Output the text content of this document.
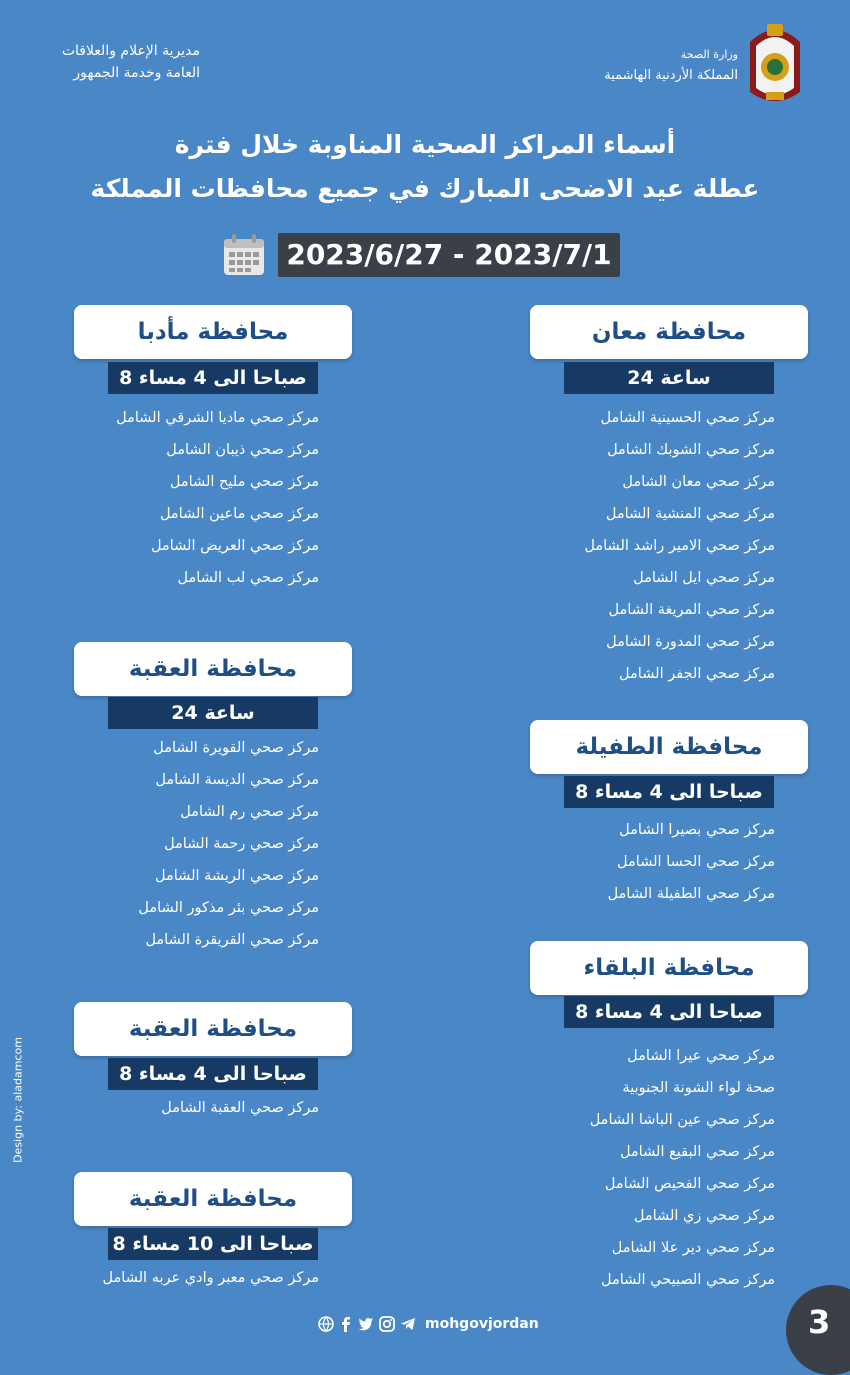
مديرية الإعلام والعلاقات
العامة وخدمة الجمهور
وزارة الصحة
المملكة الأردنية الهاشمية
أسماء المراكز الصحية المناوبة خلال فترة
عطلة عيد الاضحى المبارك في جميع محافظات المملكة
2023/6/27 - 2023/7/1
محافظة معان
24 ساعة
مركز صحي الحسينية الشامل
مركز صحي الشوبك الشامل
مركز صحي معان الشامل
مركز صحي المنشية الشامل
مركز صحي الامير راشد الشامل
مركز صحي ايل الشامل
مركز صحي المريغة الشامل
مركز صحي المدورة الشامل
مركز صحي الجفر الشامل
محافظة الطفيلة
8 صباحا الى 4 مساء
مركز صحي بصيرا الشامل
مركز صحي الحسا الشامل
مركز صحي الطفيلة الشامل
محافظة البلقاء
8 صباحا الى 4 مساء
مركز صحي عيرا الشامل
صحة لواء الشونة الجنوبية
مركز صحي عين الباشا الشامل
مركز صحي البقيع الشامل
مركز صحي الفحيص الشامل
مركز صحي زي الشامل
مركز صحي دير علا الشامل
مركز صحي الصبيحي الشامل
محافظة مأدبا
8 صباحا الى 4 مساء
مركز صحي ماديا الشرقي الشامل
مركز صحي ذيبان الشامل
مركز صحي مليح الشامل
مركز صحي ماعين الشامل
مركز صحي العريض الشامل
مركز صحي لب الشامل
محافظة العقبة
24 ساعة
مركز صحي القويرة الشامل
مركز صحي الديسة الشامل
مركز صحي رم الشامل
مركز صحي رحمة الشامل
مركز صحي الريشة الشامل
مركز صحي بئر مذكور الشامل
مركز صحي القريقرة الشامل
محافظة العقبة
8 صباحا الى 4 مساء
مركز صحي العقبة الشامل
محافظة العقبة
8 صباحا الى 10 مساء
مركز صحي معبر وادي عربه الشامل
Design by: aladamcom
mohgovjordan	3
